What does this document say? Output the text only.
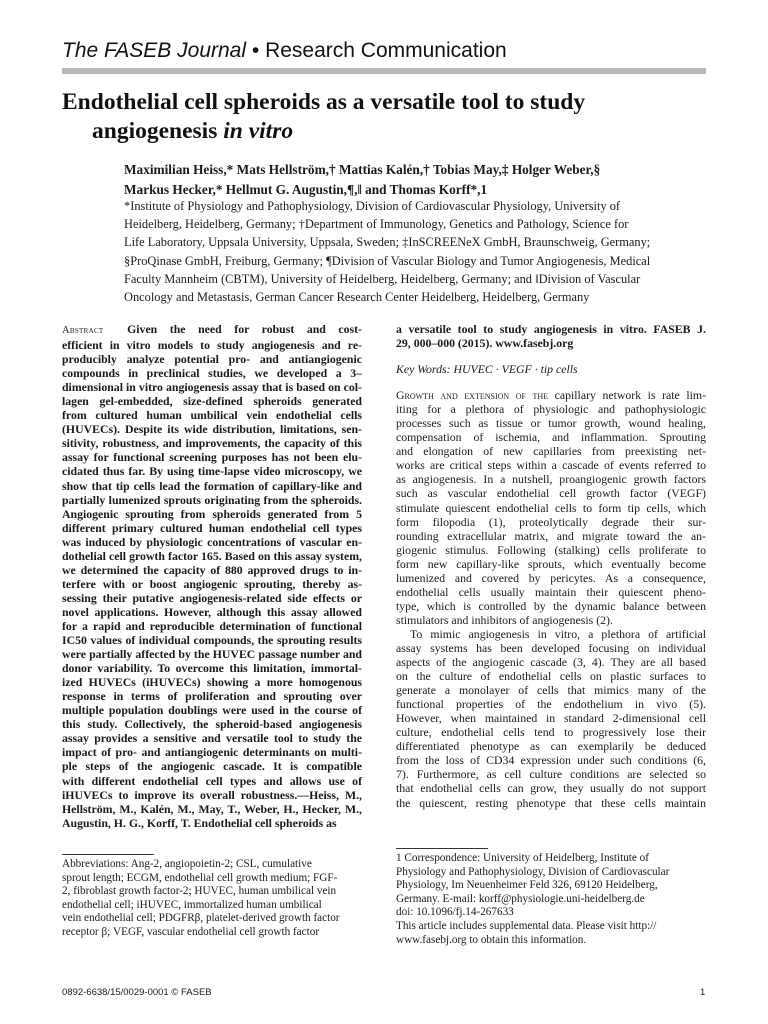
The FASEB Journal • Research Communication
Endothelial cell spheroids as a versatile tool to study
angiogenesis in vitro
Maximilian Heiss,* Mats Hellström,† Mattias Kalén,† Tobias May,‡ Holger Weber,§
Markus Hecker,* Hellmut G. Augustin,¶,‖ and Thomas Korff*,1

*Institute of Physiology and Pathophysiology, Division of Cardiovascular Physiology, University of

Heidelberg, Heidelberg, Germany; †Department of Immunology, Genetics and Pathology, Science for

Life Laboratory, Uppsala University, Uppsala, Sweden; ‡InSCREENeX GmbH, Braunschweig, Germany;

§ProQinase GmbH, Freiburg, Germany; ¶Division of Vascular Biology and Tumor Angiogenesis, Medical

Faculty Mannheim (CBTM), University of Heidelberg, Heidelberg, Germany; and ‖Division of Vascular

Oncology and Metastasis, German Cancer Research Center Heidelberg, Heidelberg, Germany

Abstract  Given the need for robust and cost-

efficient in vitro models to study angiogenesis and re-

producibly analyze potential pro- and antiangiogenic

compounds in preclinical studies, we developed a 3–

dimensional in vitro angiogenesis assay that is based on col-

lagen gel-embedded, size-defined spheroids generated

from cultured human umbilical vein endothelial cells

(HUVECs). Despite its wide distribution, limitations, sen-

sitivity, robustness, and improvements, the capacity of this

assay for functional screening purposes has not been elu-

cidated thus far. By using time-lapse video microscopy, we

show that tip cells lead the formation of capillary-like and

partially lumenized sprouts originating from the spheroids.

Angiogenic sprouting from spheroids generated from 5

different primary cultured human endothelial cell types

was induced by physiologic concentrations of vascular en-

dothelial cell growth factor 165. Based on this assay system,

we determined the capacity of 880 approved drugs to in-

terfere with or boost angiogenic sprouting, thereby as-

sessing their putative angiogenesis-related side effects or

novel applications. However, although this assay allowed

for a rapid and reproducible determination of functional

IC50 values of individual compounds, the sprouting results

were partially affected by the HUVEC passage number and

donor variability. To overcome this limitation, immortal-

ized HUVECs (iHUVECs) showing a more homogenous

response in terms of proliferation and sprouting over

multiple population doublings were used in the course of

this study. Collectively, the spheroid-based angiogenesis

assay provides a sensitive and versatile tool to study the

impact of pro- and antiangiogenic determinants on multi-

ple steps of the angiogenic cascade. It is compatible

with different endothelial cell types and allows use of

iHUVECs to improve its overall robustness.—Heiss, M.,

Hellström, M., Kalén, M., May, T., Weber, H., Hecker, M.,

Augustin, H. G., Korff, T. Endothelial cell spheroids as

a versatile tool to study angiogenesis in vitro. FASEB J.

29, 000–000 (2015). www.fasebj.org

Key Words: HUVEC · VEGF · tip cells

Growth and extension of the capillary network is rate lim-

iting for a plethora of physiologic and pathophysiologic

processes such as tissue or tumor growth, wound healing,

compensation of ischemia, and inflammation. Sprouting

and elongation of new capillaries from preexisting net-

works are critical steps within a cascade of events referred to

as angiogenesis. In a nutshell, proangiogenic growth factors

such as vascular endothelial cell growth factor (VEGF)

stimulate quiescent endothelial cells to form tip cells, which

form filopodia (1), proteolytically degrade their sur-

rounding extracellular matrix, and migrate toward the an-

giogenic stimulus. Following (stalking) cells proliferate to

form new capillary-like sprouts, which eventually become

lumenized and covered by pericytes. As a consequence,

endothelial cells usually maintain their quiescent pheno-

type, which is controlled by the dynamic balance between

stimulators and inhibitors of angiogenesis (2).

To mimic angiogenesis in vitro, a plethora of artificial

assay systems has been developed focusing on individual

aspects of the angiogenic cascade (3, 4). They are all based

on the culture of endothelial cells on plastic surfaces to

generate a monolayer of cells that mimics many of the

functional properties of the endothelium in vivo (5).

However, when maintained in standard 2-dimensional cell

culture, endothelial cells tend to progressively lose their

differentiated phenotype as can exemplarily be deduced

from the loss of CD34 expression under such conditions (6,

7). Furthermore, as cell culture conditions are selected so

that endothelial cells can grow, they usually do not support

the quiescent, resting phenotype that these cells maintain

Abbreviations: Ang-2, angiopoietin-2; CSL, cumulative

sprout length; ECGM, endothelial cell growth medium; FGF-

2, fibroblast growth factor-2; HUVEC, human umbilical vein

endothelial cell; iHUVEC, immortalized human umbilical

vein endothelial cell; PDGFRβ, platelet-derived growth factor

receptor β; VEGF, vascular endothelial cell growth factor

1 Correspondence: University of Heidelberg, Institute of

Physiology and Pathophysiology, Division of Cardiovascular

Physiology, Im Neuenheimer Feld 326, 69120 Heidelberg,

Germany. E-mail: korff@physiologie.uni-heidelberg.de

doi: 10.1096/fj.14-267633

This article includes supplemental data. Please visit http://

www.fasebj.org to obtain this information.

0892-6638/15/0029-0001 © FASEB	1
